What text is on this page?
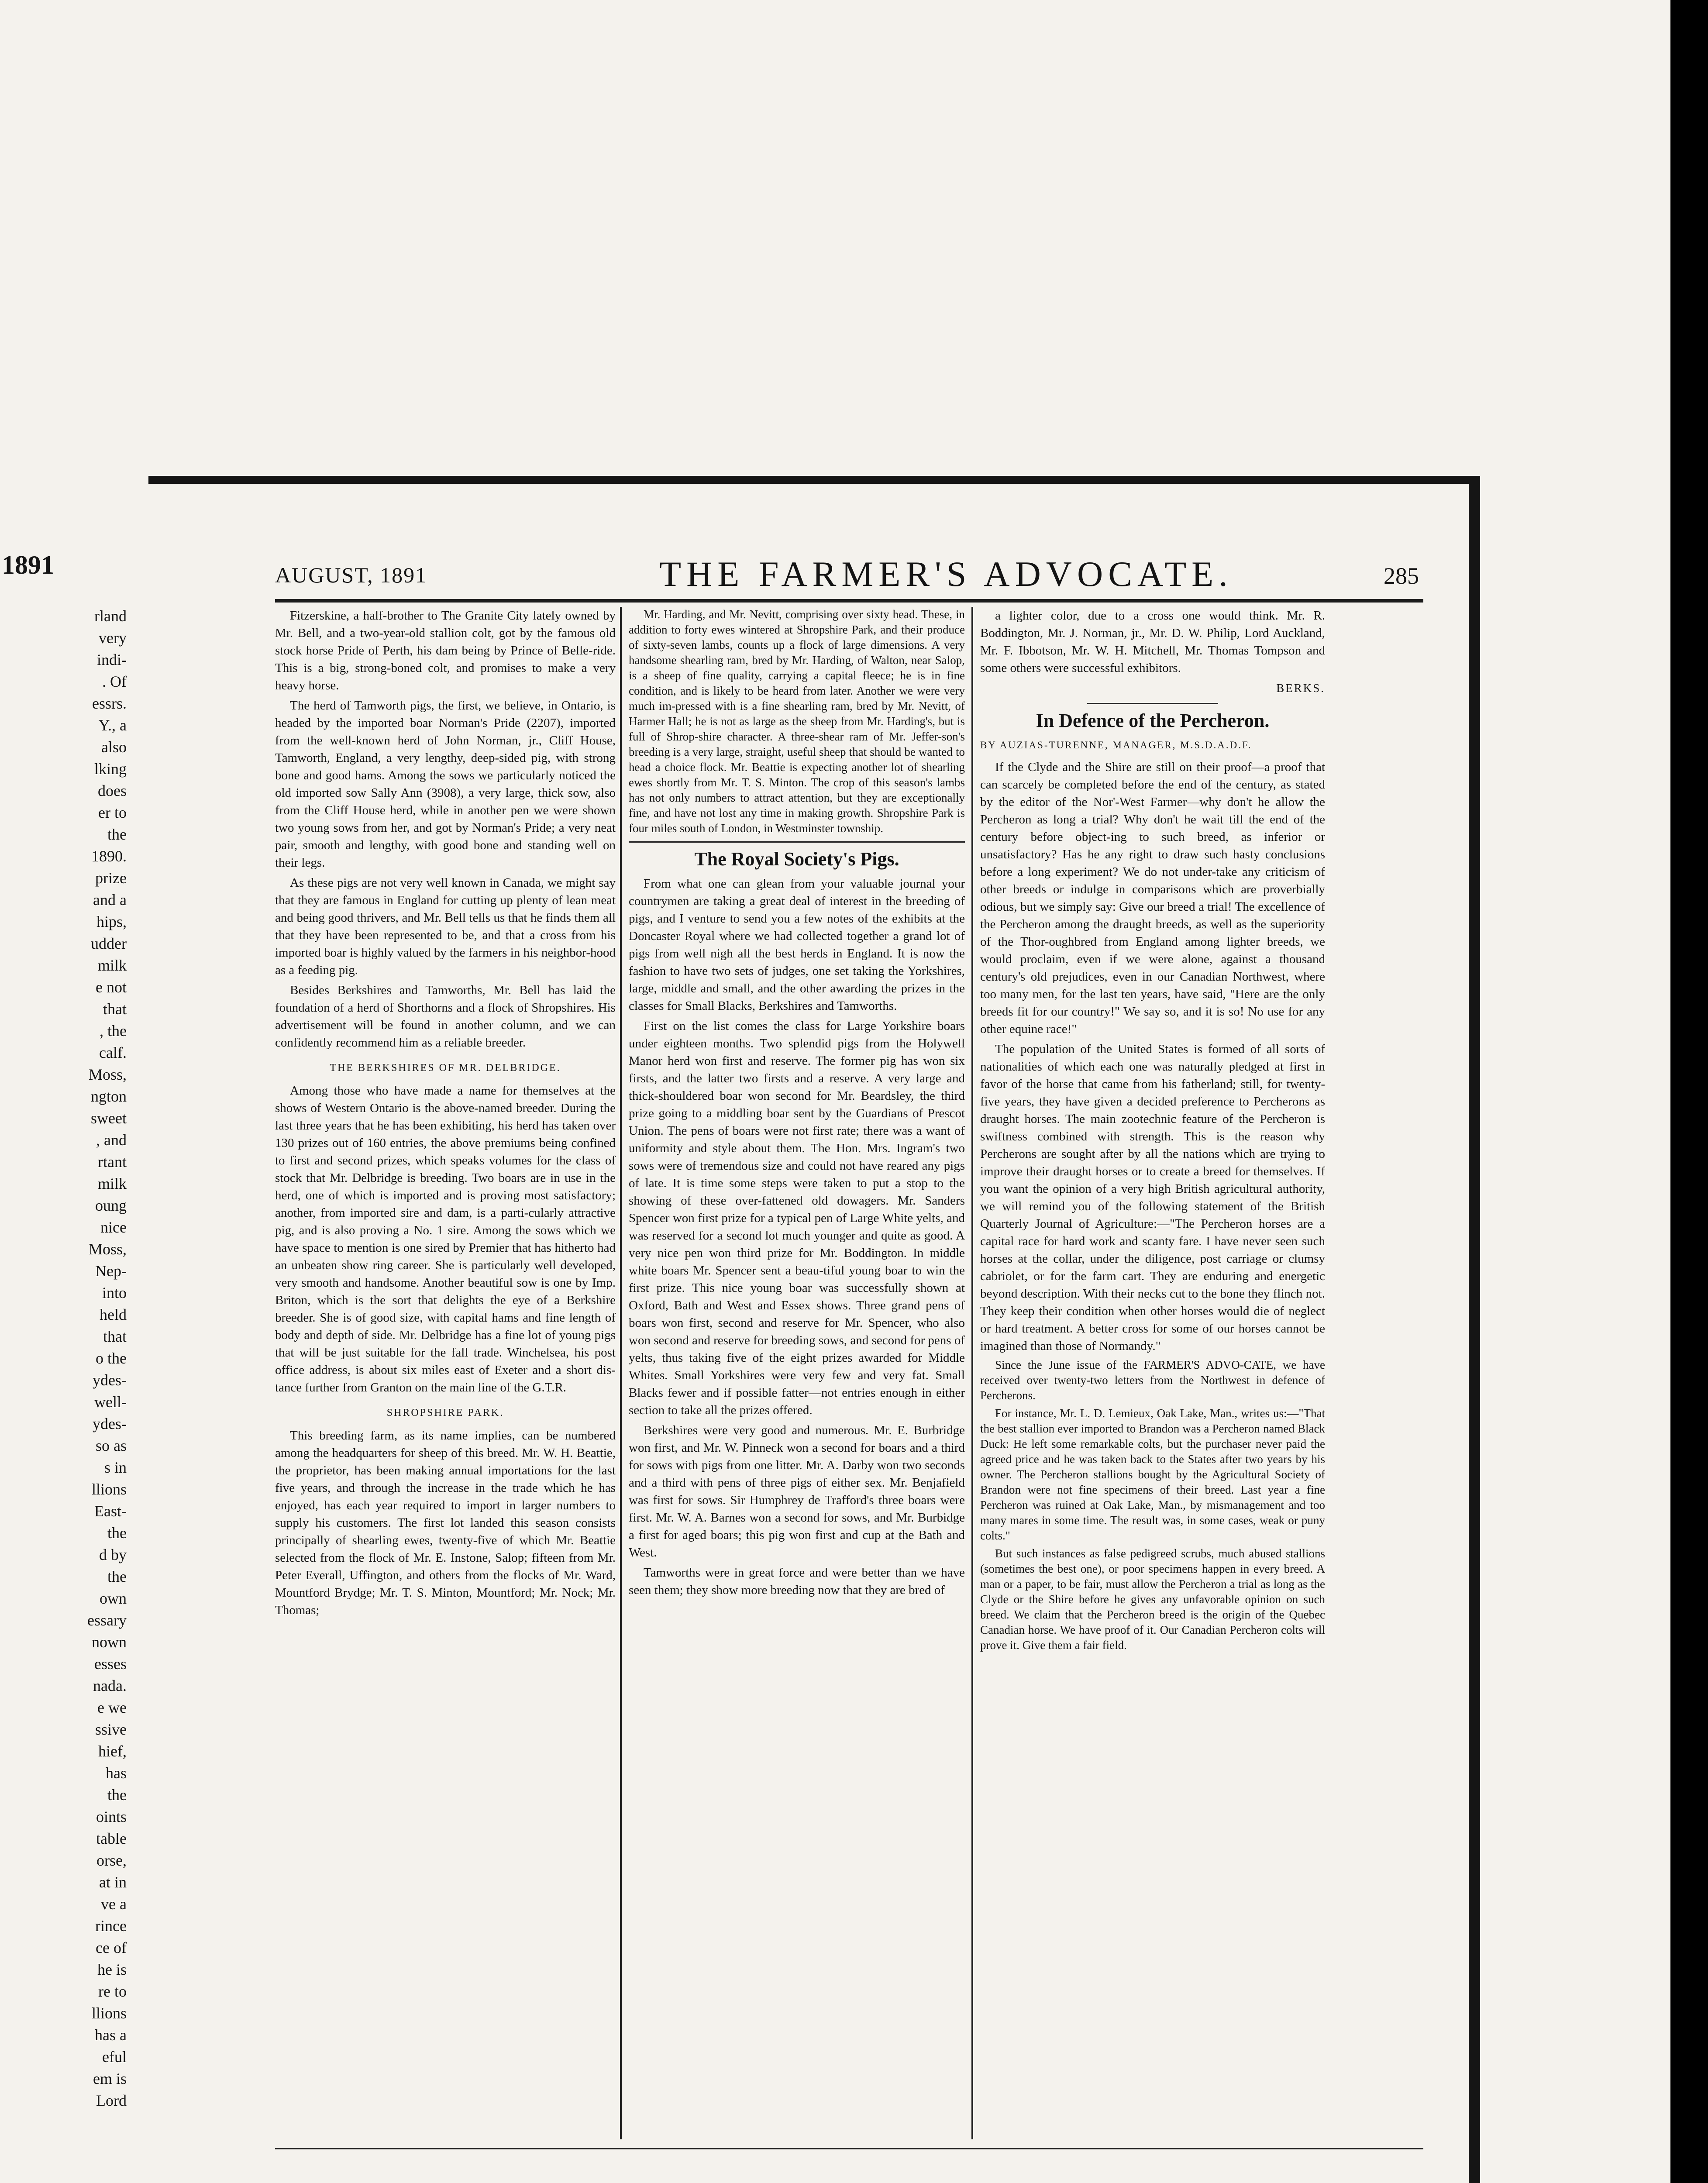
1891
rland
very
indi-
. Of
essrs.
Y., a
also
lking
does
er to
the
1890.
prize
and a
hips,
udder
milk
e not
that
, the
calf.
Moss,
ngton
sweet
, and
rtant
milk
oung
nice
Moss,
Nep-
into
held
that
o the
ydes-
well-
ydes-
so as
s in
llions
East-
the
d by
the
own
essary
nown
esses
nada.
e we
ssive
hief,
has
the
oints
table
orse,
at in
ve a
rince
ce of
he is
re to
llions
has a
eful
em is
Lord
AUGUST, 1891	THE FARMER'S ADVOCATE.	285

Fitzerskine, a half-brother to The Granite City lately owned by Mr. Bell, and a two-year-old stallion colt, got by the famous old stock horse Pride of Perth, his dam being by Prince of Belle-ride. This is a big, strong-boned colt, and promises to make a very heavy horse.

The herd of Tamworth pigs, the first, we believe, in Ontario, is headed by the imported boar Norman's Pride (2207), imported from the well-known herd of John Norman, jr., Cliff House, Tamworth, England, a very lengthy, deep-sided pig, with strong bone and good hams. Among the sows we particularly noticed the old imported sow Sally Ann (3908), a very large, thick sow, also from the Cliff House herd, while in another pen we were shown two young sows from her, and got by Norman's Pride; a very neat pair, smooth and lengthy, with good bone and standing well on their legs.

As these pigs are not very well known in Canada, we might say that they are famous in England for cutting up plenty of lean meat and being good thrivers, and Mr. Bell tells us that he finds them all that they have been represented to be, and that a cross from his imported boar is highly valued by the farmers in his neighbor-hood as a feeding pig.

Besides Berkshires and Tamworths, Mr. Bell has laid the foundation of a herd of Shorthorns and a flock of Shropshires. His advertisement will be found in another column, and we can confidently recommend him as a reliable breeder.

THE BERKSHIRES OF MR. DELBRIDGE.

Among those who have made a name for themselves at the shows of Western Ontario is the above-named breeder. During the last three years that he has been exhibiting, his herd has taken over 130 prizes out of 160 entries, the above premiums being confined to first and second prizes, which speaks volumes for the class of stock that Mr. Delbridge is breeding. Two boars are in use in the herd, one of which is imported and is proving most satisfactory; another, from imported sire and dam, is a parti-cularly attractive pig, and is also proving a No. 1 sire. Among the sows which we have space to mention is one sired by Premier that has hitherto had an unbeaten show ring career. She is particularly well developed, very smooth and handsome. Another beautiful sow is one by Imp. Briton, which is the sort that delights the eye of a Berkshire breeder. She is of good size, with capital hams and fine length of body and depth of side. Mr. Delbridge has a fine lot of young pigs that will be just suitable for the fall trade. Winchelsea, his post office address, is about six miles east of Exeter and a short dis-tance further from Granton on the main line of the G.T.R.

SHROPSHIRE PARK.

This breeding farm, as its name implies, can be numbered among the headquarters for sheep of this breed. Mr. W. H. Beattie, the proprietor, has been making annual importations for the last five years, and through the increase in the trade which he has enjoyed, has each year required to import in larger numbers to supply his customers. The first lot landed this season consists principally of shearling ewes, twenty-five of which Mr. Beattie selected from the flock of Mr. E. Instone, Salop; fifteen from Mr. Peter Everall, Uffington, and others from the flocks of Mr. Ward, Mountford Brydge; Mr. T. S. Minton, Mountford; Mr. Nock; Mr. Thomas;

Mr. Harding, and Mr. Nevitt, comprising over sixty head. These, in addition to forty ewes wintered at Shropshire Park, and their produce of sixty-seven lambs, counts up a flock of large dimensions. A very handsome shearling ram, bred by Mr. Harding, of Walton, near Salop, is a sheep of fine quality, carrying a capital fleece; he is in fine condition, and is likely to be heard from later. Another we were very much im-pressed with is a fine shearling ram, bred by Mr. Nevitt, of Harmer Hall; he is not as large as the sheep from Mr. Harding's, but is full of Shrop-shire character. A three-shear ram of Mr. Jeffer-son's breeding is a very large, straight, useful sheep that should be wanted to head a choice flock. Mr. Beattie is expecting another lot of shearling ewes shortly from Mr. T. S. Minton. The crop of this season's lambs has not only numbers to attract attention, but they are exceptionally fine, and have not lost any time in making growth. Shropshire Park is four miles south of London, in Westminster township.

The Royal Society's Pigs.

From what one can glean from your valuable journal your countrymen are taking a great deal of interest in the breeding of pigs, and I venture to send you a few notes of the exhibits at the Doncaster Royal where we had collected together a grand lot of pigs from well nigh all the best herds in England. It is now the fashion to have two sets of judges, one set taking the Yorkshires, large, middle and small, and the other awarding the prizes in the classes for Small Blacks, Berkshires and Tamworths.

First on the list comes the class for Large Yorkshire boars under eighteen months. Two splendid pigs from the Holywell Manor herd won first and reserve. The former pig has won six firsts, and the latter two firsts and a reserve. A very large and thick-shouldered boar won second for Mr. Beardsley, the third prize going to a middling boar sent by the Guardians of Prescot Union. The pens of boars were not first rate; there was a want of uniformity and style about them. The Hon. Mrs. Ingram's two sows were of tremendous size and could not have reared any pigs of late. It is time some steps were taken to put a stop to the showing of these over-fattened old dowagers. Mr. Sanders Spencer won first prize for a typical pen of Large White yelts, and was reserved for a second lot much younger and quite as good. A very nice pen won third prize for Mr. Boddington. In middle white boars Mr. Spencer sent a beau-tiful young boar to win the first prize. This nice young boar was successfully shown at Oxford, Bath and West and Essex shows. Three grand pens of boars won first, second and reserve for Mr. Spencer, who also won second and reserve for breeding sows, and second for pens of yelts, thus taking five of the eight prizes awarded for Middle Whites. Small Yorkshires were very few and very fat. Small Blacks fewer and if possible fatter—not entries enough in either section to take all the prizes offered.

Berkshires were very good and numerous. Mr. E. Burbridge won first, and Mr. W. Pinneck won a second for boars and a third for sows with pigs from one litter. Mr. A. Darby won two seconds and a third with pens of three pigs of either sex. Mr. Benjafield was first for sows. Sir Humphrey de Trafford's three boars were first. Mr. W. A. Barnes won a second for sows, and Mr. Burbidge a first for aged boars; this pig won first and cup at the Bath and West.

Tamworths were in great force and were better than we have seen them; they show more breeding now that they are bred of

a lighter color, due to a cross one would think. Mr. R. Boddington, Mr. J. Norman, jr., Mr. D. W. Philip, Lord Auckland, Mr. F. Ibbotson, Mr. W. H. Mitchell, Mr. Thomas Tompson and some others were successful exhibitors.

BERKS.
In Defence of the Percheron.
BY AUZIAS-TURENNE, MANAGER, M.S.D.A.D.F.

If the Clyde and the Shire are still on their proof—a proof that can scarcely be completed before the end of the century, as stated by the editor of the Nor'-West Farmer—why don't he allow the Percheron as long a trial? Why don't he wait till the end of the century before object-ing to such breed, as inferior or unsatisfactory? Has he any right to draw such hasty conclusions before a long experiment? We do not under-take any criticism of other breeds or indulge in comparisons which are proverbially odious, but we simply say: Give our breed a trial! The excellence of the Percheron among the draught breeds, as well as the superiority of the Thor-oughbred from England among lighter breeds, we would proclaim, even if we were alone, against a thousand century's old prejudices, even in our Canadian Northwest, where too many men, for the last ten years, have said, "Here are the only breeds fit for our country!" We say so, and it is so! No use for any other equine race!"

The population of the United States is formed of all sorts of nationalities of which each one was naturally pledged at first in favor of the horse that came from his fatherland; still, for twenty-five years, they have given a decided preference to Percherons as draught horses. The main zootechnic feature of the Percheron is swiftness combined with strength. This is the reason why Percherons are sought after by all the nations which are trying to improve their draught horses or to create a breed for themselves. If you want the opinion of a very high British agricultural authority, we will remind you of the following statement of the British Quarterly Journal of Agriculture:—"The Percheron horses are a capital race for hard work and scanty fare. I have never seen such horses at the collar, under the diligence, post carriage or clumsy cabriolet, or for the farm cart. They are enduring and energetic beyond description. With their necks cut to the bone they flinch not. They keep their condition when other horses would die of neglect or hard treatment. A better cross for some of our horses cannot be imagined than those of Normandy."

Since the June issue of the FARMER'S ADVO-CATE, we have received over twenty-two letters from the Northwest in defence of Percherons.

For instance, Mr. L. D. Lemieux, Oak Lake, Man., writes us:—"That the best stallion ever imported to Brandon was a Percheron named Black Duck: He left some remarkable colts, but the purchaser never paid the agreed price and he was taken back to the States after two years by his owner. The Percheron stallions bought by the Agricultural Society of Brandon were not fine specimens of their breed. Last year a fine Percheron was ruined at Oak Lake, Man., by mismanagement and too many mares in some time. The result was, in some cases, weak or puny colts."

But such instances as false pedigreed scrubs, much abused stallions (sometimes the best one), or poor specimens happen in every breed. A man or a paper, to be fair, must allow the Percheron a trial as long as the Clyde or the Shire before he gives any unfavorable opinion on such breed. We claim that the Percheron breed is the origin of the Quebec Canadian horse. We have proof of it. Our Canadian Percheron colts will prove it. Give them a fair field.
